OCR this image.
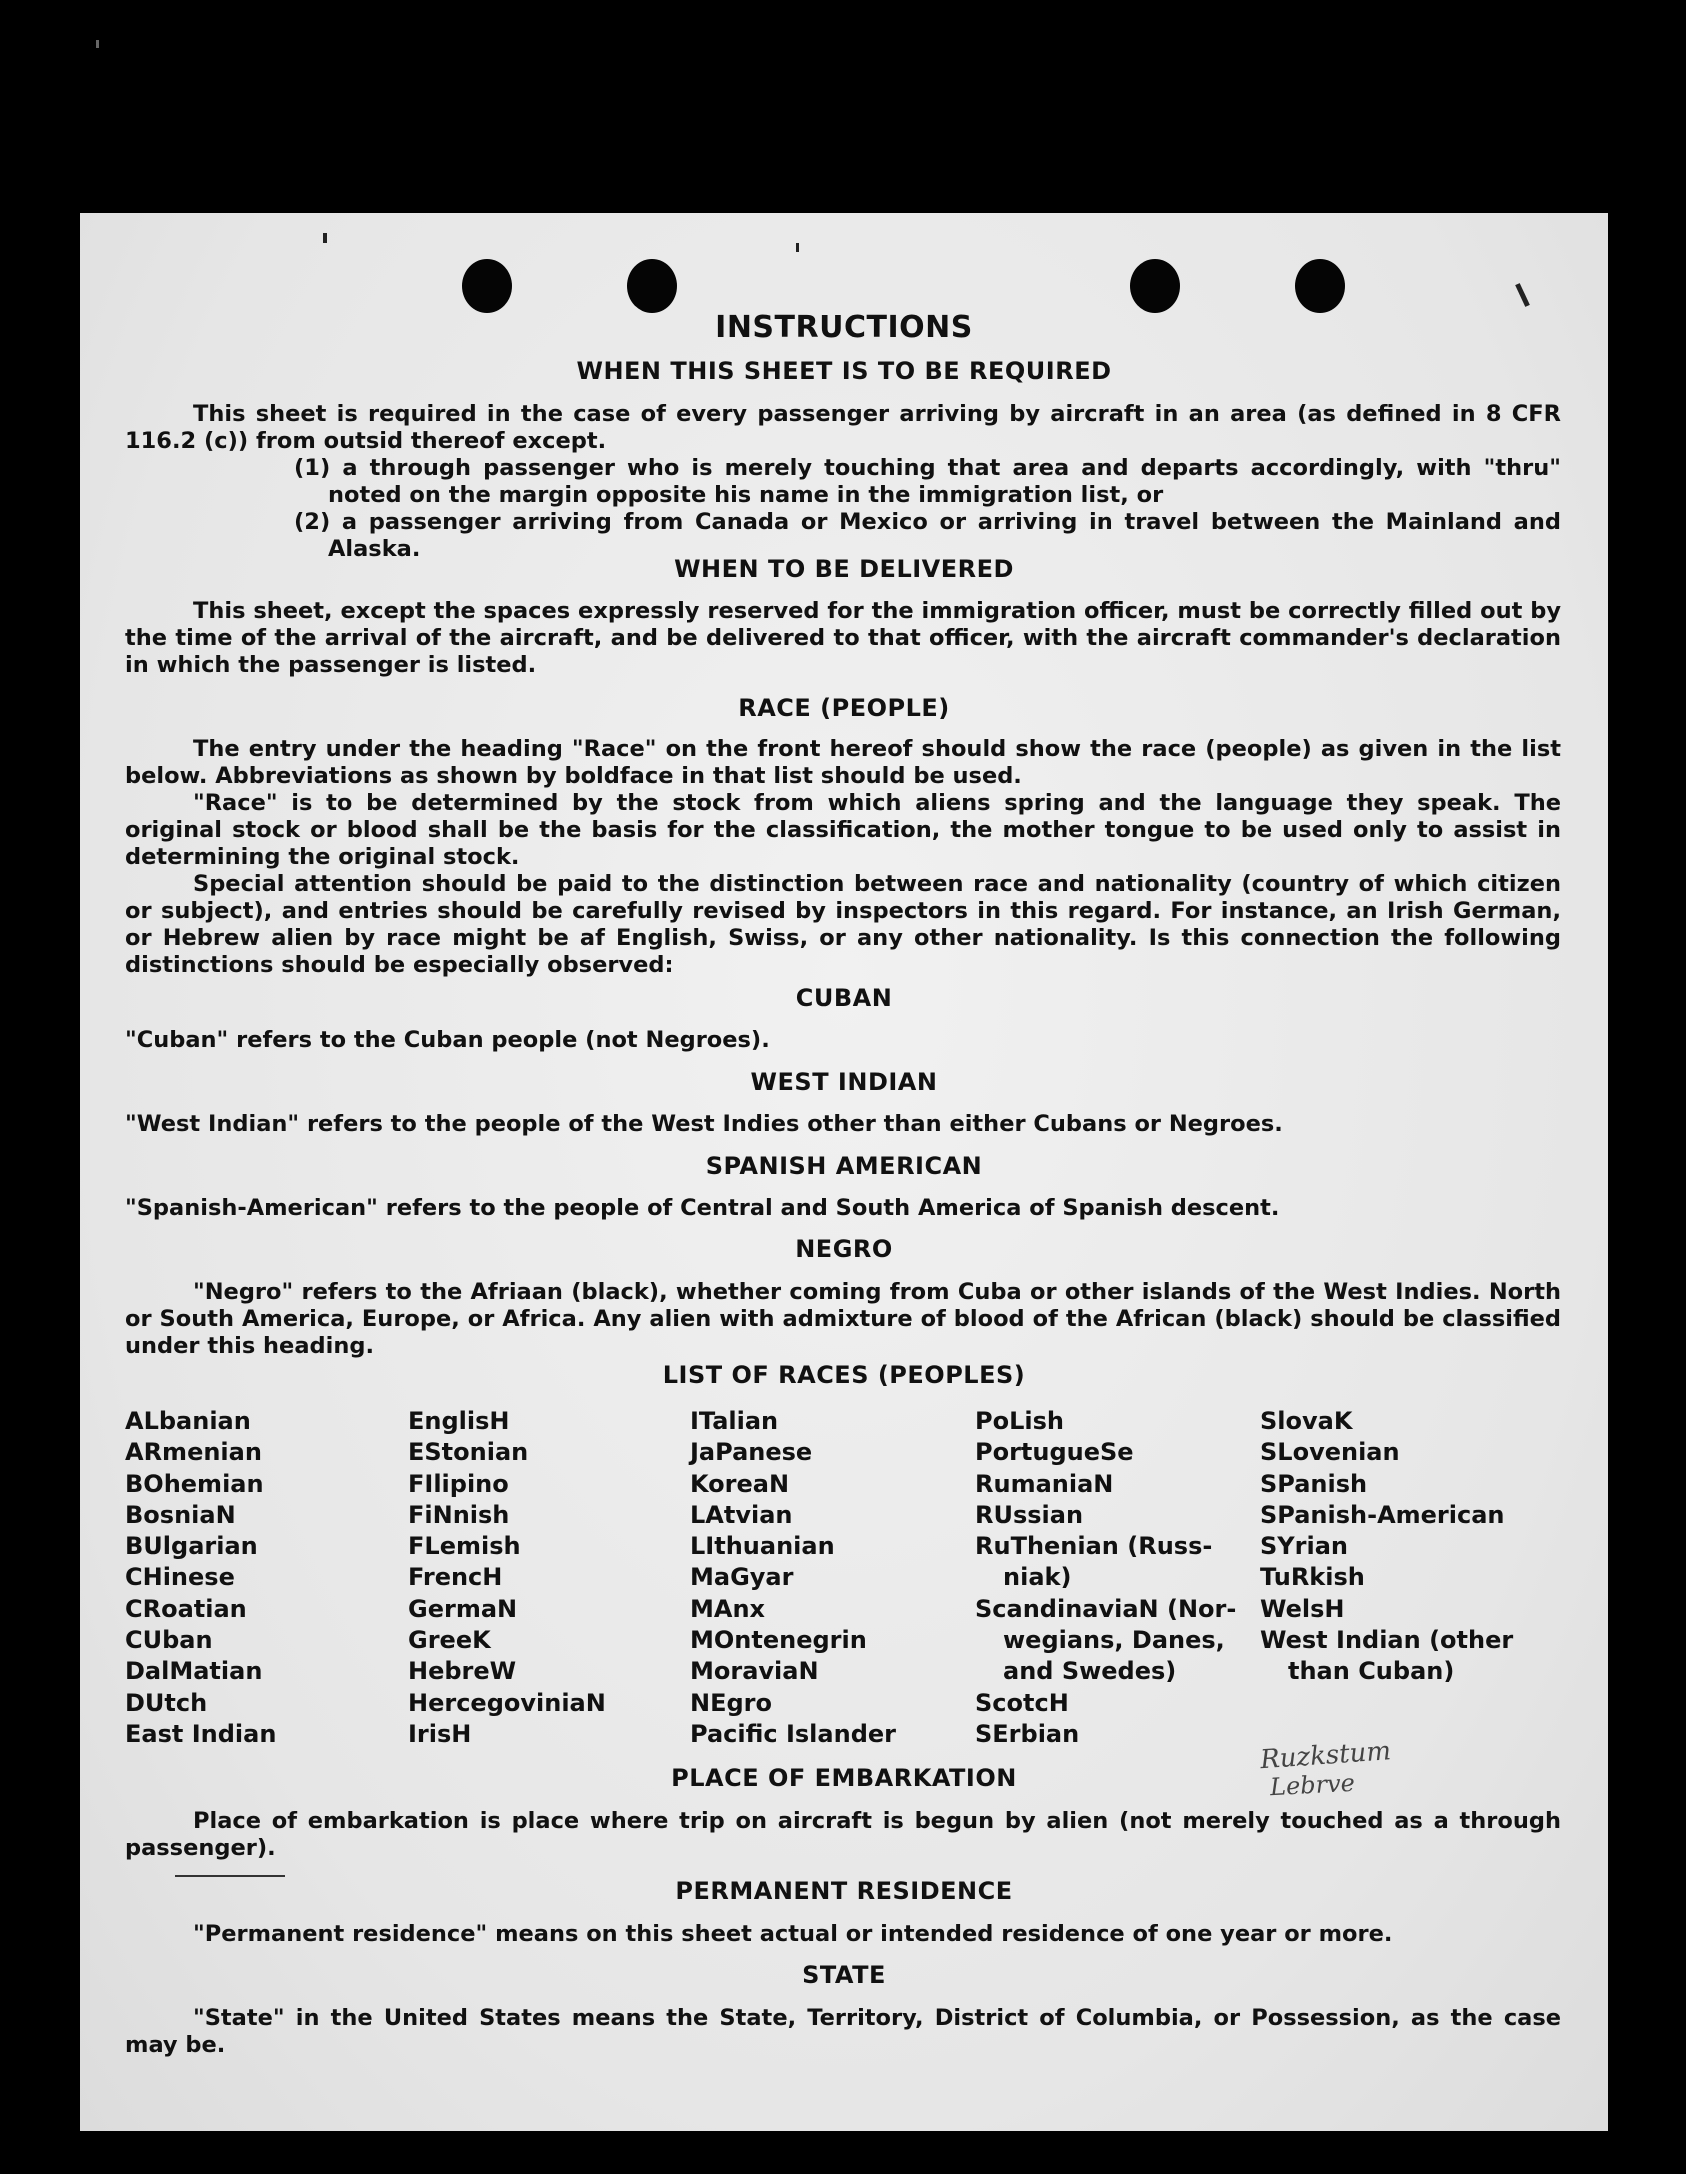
INSTRUCTIONS
WHEN THIS SHEET IS TO BE REQUIRED

This sheet is required in the case of every passenger arriving by aircraft in an area (as defined in 8 CFR 116.2 (c)) from outsid thereof except.

(1) a through passenger who is merely touching that area and departs accordingly, with "thru" noted on the margin opposite his name in the immigration list, or

(2) a passenger arriving from Canada or Mexico or arriving in travel between the Mainland and Alaska.

WHEN TO BE DELIVERED

This sheet, except the spaces expressly reserved for the immigration officer, must be correctly filled out by the time of the arrival of the aircraft, and be delivered to that officer, with the aircraft commander's declaration in which the passenger is listed.

RACE (PEOPLE)

The entry under the heading "Race" on the front hereof should show the race (people) as given in the list below. Abbreviations as shown by boldface in that list should be used.

"Race" is to be determined by the stock from which aliens spring and the language they speak. The original stock or blood shall be the basis for the classification, the mother tongue to be used only to assist in determining the original stock.

Special attention should be paid to the distinction between race and nationality (country of which citizen or subject), and entries should be carefully revised by inspectors in this regard. For instance, an Irish German, or Hebrew alien by race might be af English, Swiss, or any other nationality. Is this connection the following distinctions should be especially observed:

CUBAN

"Cuban" refers to the Cuban people (not Negroes).

WEST INDIAN

"West Indian" refers to the people of the West Indies other than either Cubans or Negroes.

SPANISH AMERICAN

"Spanish-American" refers to the people of Central and South America of Spanish descent.

NEGRO

"Negro" refers to the Afriaan (black), whether coming from Cuba or other islands of the West Indies. North or South America, Europe, or Africa. Any alien with admixture of blood of the African (black) should be classified under this heading.

LIST OF RACES (PEOPLES)
ALbanian
ARmenian
BOhemian
BosniaN
BUlgarian
CHinese
CRoatian
CUban
DalMatian
DUtch
East Indian
EnglisH
EStonian
FIlipino
FiNnish
FLemish
FrencH
GermaN
GreeK
HebreW
HercegoviniaN
IrisH
ITalian
JaPanese
KoreaN
LAtvian
LIthuanian
MaGyar
MAnx
MOntenegrin
MoraviaN
NEgro
Pacific Islander
PoLish
PortugueSe
RumaniaN
RUssian
RuThenian (Russ-
niak)
ScandinaviaN (Nor-
wegians, Danes,
and Swedes)
ScotcH
SErbian
SlovaK
SLovenian
SPanish
SPanish-American
SYrian
TuRkish
WelsH
West Indian (other
than Cuban)
Ruzkstum
Lebrve
PLACE OF EMBARKATION

Place of embarkation is place where trip on aircraft is begun by alien (not merely touched as a through passenger).

PERMANENT RESIDENCE

"Permanent residence" means on this sheet actual or intended residence of one year or more.

STATE

"State" in the United States means the State, Territory, District of Columbia, or Possession, as the case may be.
